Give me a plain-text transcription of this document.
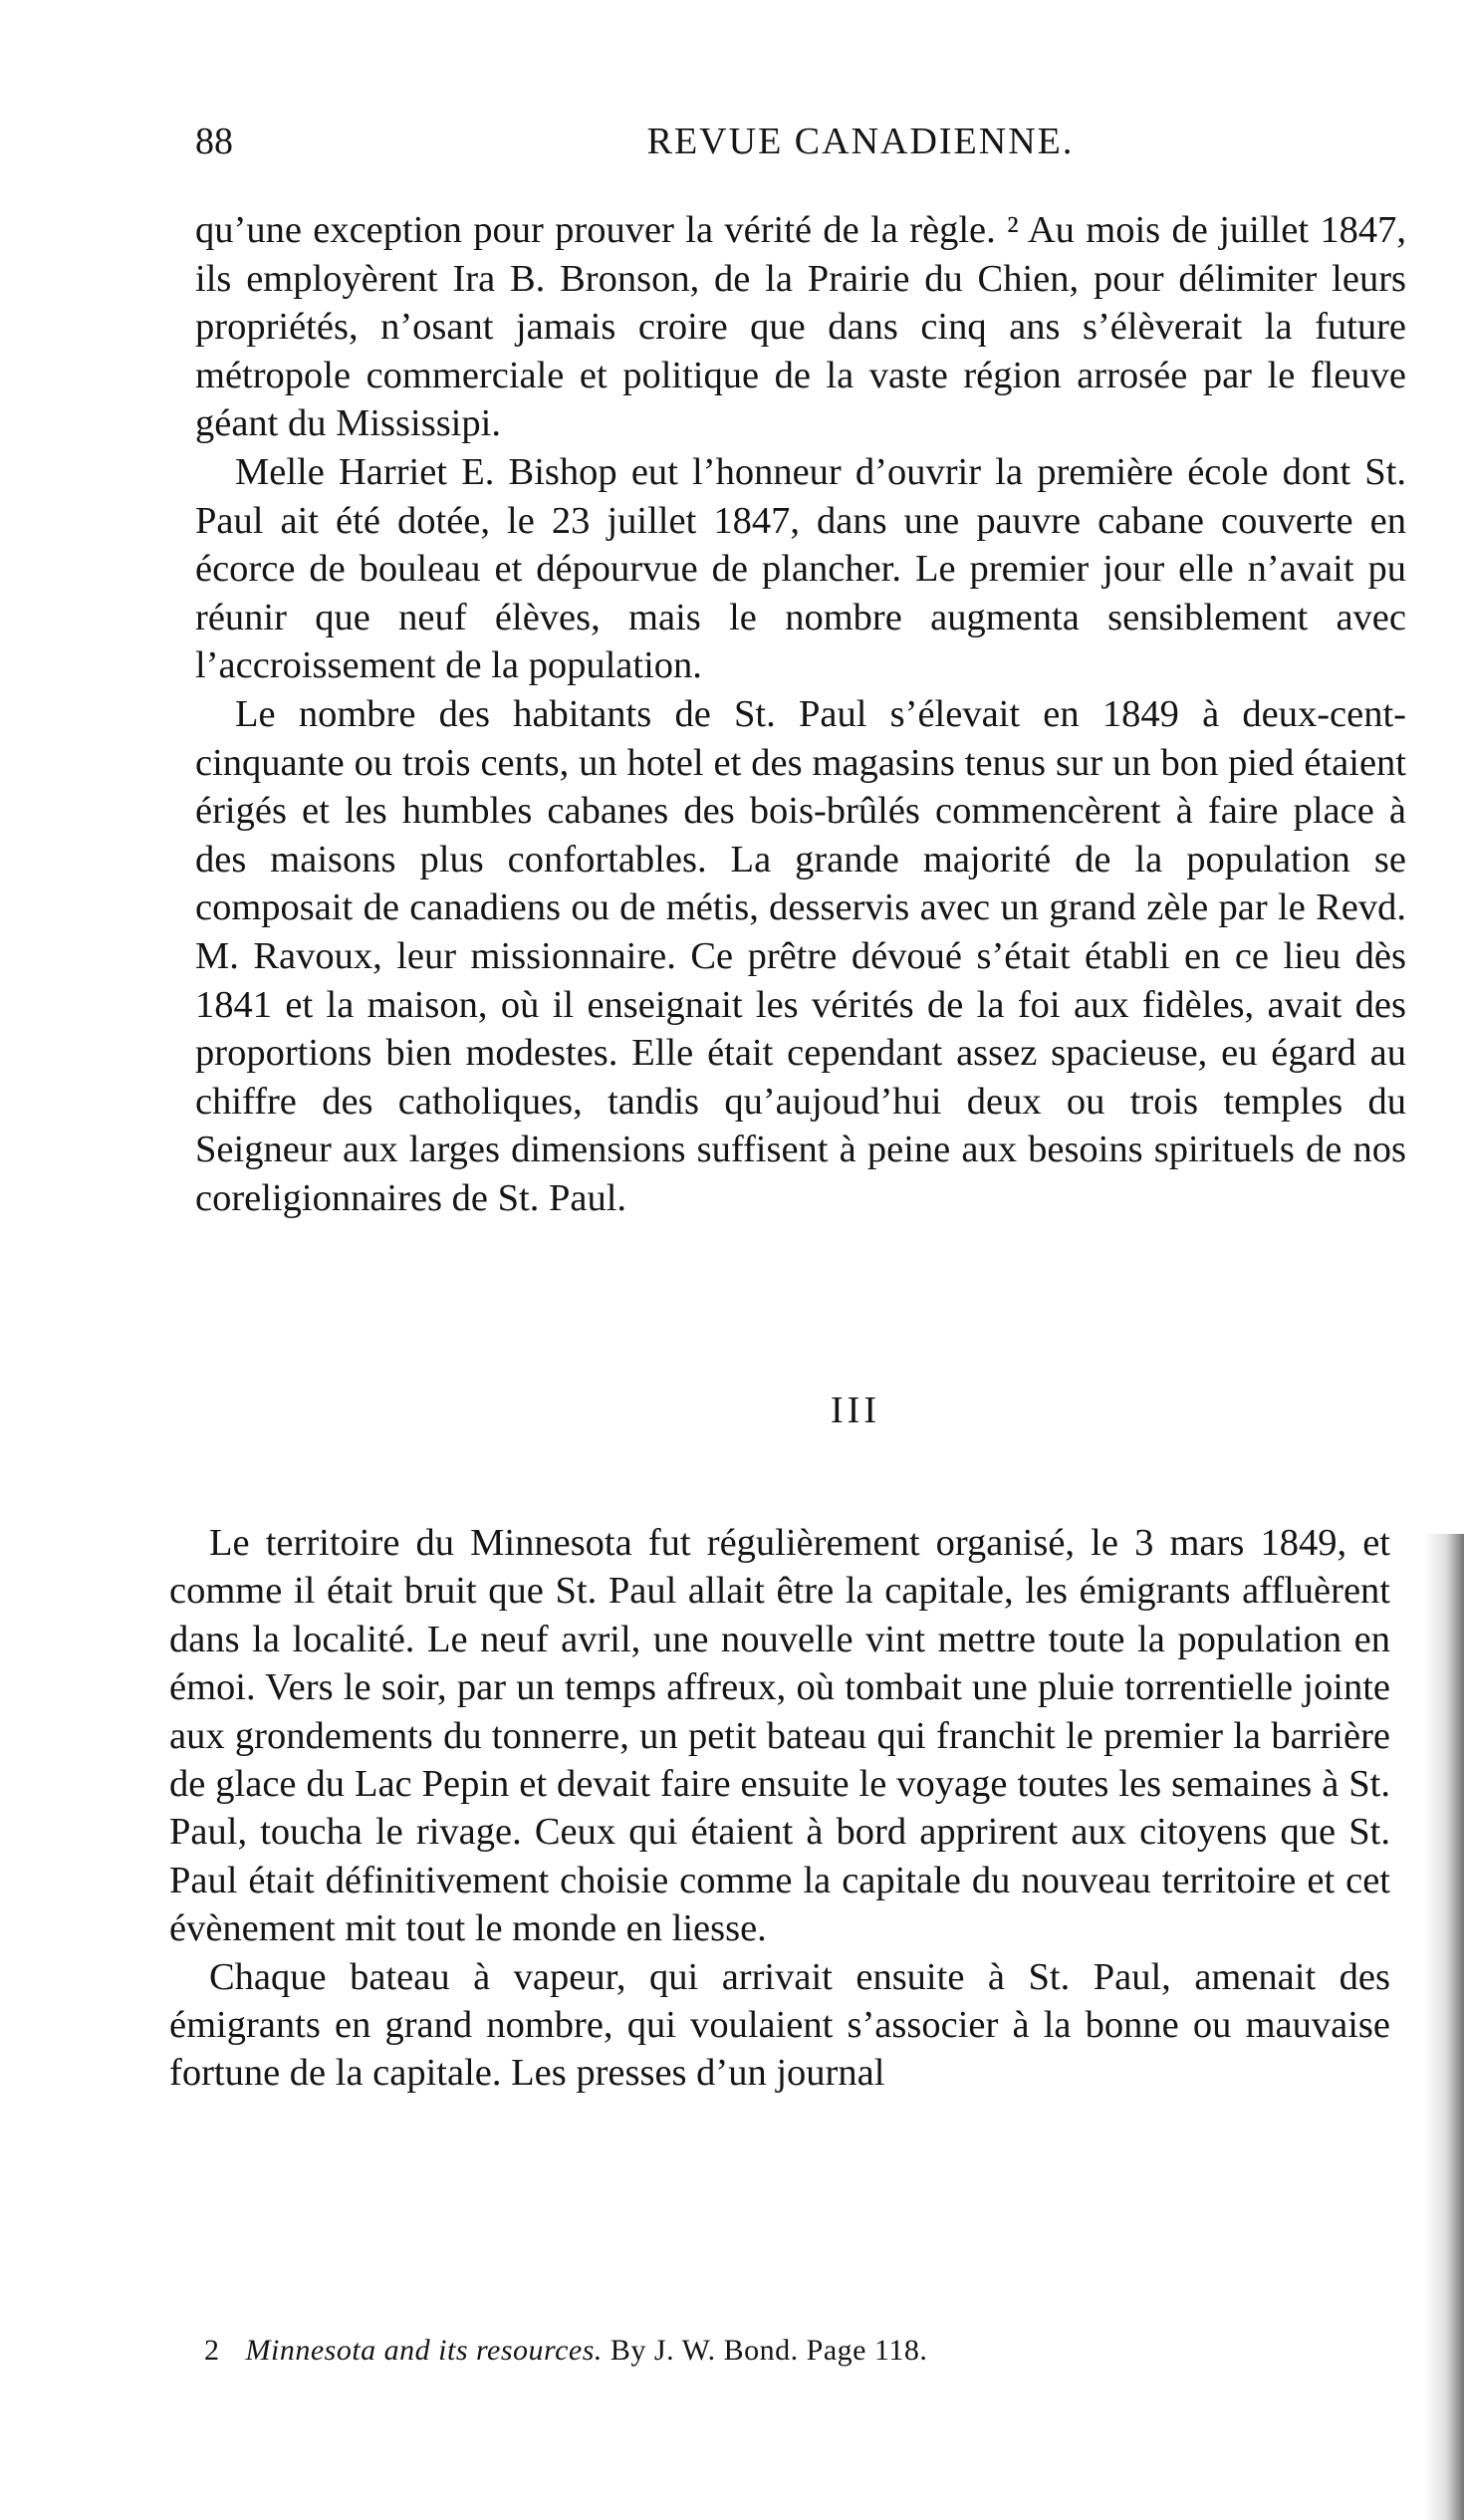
88	REVUE CANADIENNE.

qu’une exception pour prouver la vérité de la règle. ² Au mois de juillet 1847, ils employèrent Ira B. Bronson, de la Prairie du Chien, pour délimiter leurs propriétés, n’osant jamais croire que dans cinq ans s’élèverait la future métropole commerciale et politique de la vaste région arrosée par le fleuve géant du Mississipi.

Melle Harriet E. Bishop eut l’honneur d’ouvrir la première école dont St. Paul ait été dotée, le 23 juillet 1847, dans une pauvre cabane couverte en écorce de bouleau et dépourvue de plancher. Le premier jour elle n’avait pu réunir que neuf élèves, mais le nombre augmenta sensiblement avec l’accroissement de la population.

Le nombre des habitants de St. Paul s’élevait en 1849 à deux-cent-cinquante ou trois cents, un hotel et des magasins tenus sur un bon pied étaient érigés et les humbles cabanes des bois-brûlés commencèrent à faire place à des maisons plus confortables. La grande majorité de la population se composait de canadiens ou de métis, desservis avec un grand zèle par le Revd. M. Ravoux, leur missionnaire. Ce prêtre dévoué s’était établi en ce lieu dès 1841 et la maison, où il enseignait les vérités de la foi aux fidèles, avait des proportions bien modestes. Elle était cependant assez spacieuse, eu égard au chiffre des catholiques, tandis qu’aujoud’hui deux ou trois temples du Seigneur aux larges dimensions suffisent à peine aux besoins spirituels de nos coreligionnaires de St. Paul.

III

Le territoire du Minnesota fut régulièrement organisé, le 3 mars 1849, et comme il était bruit que St. Paul allait être la capitale, les émigrants affluèrent dans la localité. Le neuf avril, une nouvelle vint mettre toute la population en émoi. Vers le soir, par un temps affreux, où tombait une pluie torrentielle jointe aux grondements du tonnerre, un petit bateau qui franchit le premier la barrière de glace du Lac Pepin et devait faire ensuite le voyage toutes les semaines à St. Paul, toucha le rivage. Ceux qui étaient à bord apprirent aux citoyens que St. Paul était définitivement choisie comme la capitale du nouveau territoire et cet évènement mit tout le monde en liesse.

Chaque bateau à vapeur, qui arrivait ensuite à St. Paul, amenait des émigrants en grand nombre, qui voulaient s’associer à la bonne ou mauvaise fortune de la capitale. Les presses d’un journal

2 Minnesota and its resources. By J. W. Bond. Page 118.
